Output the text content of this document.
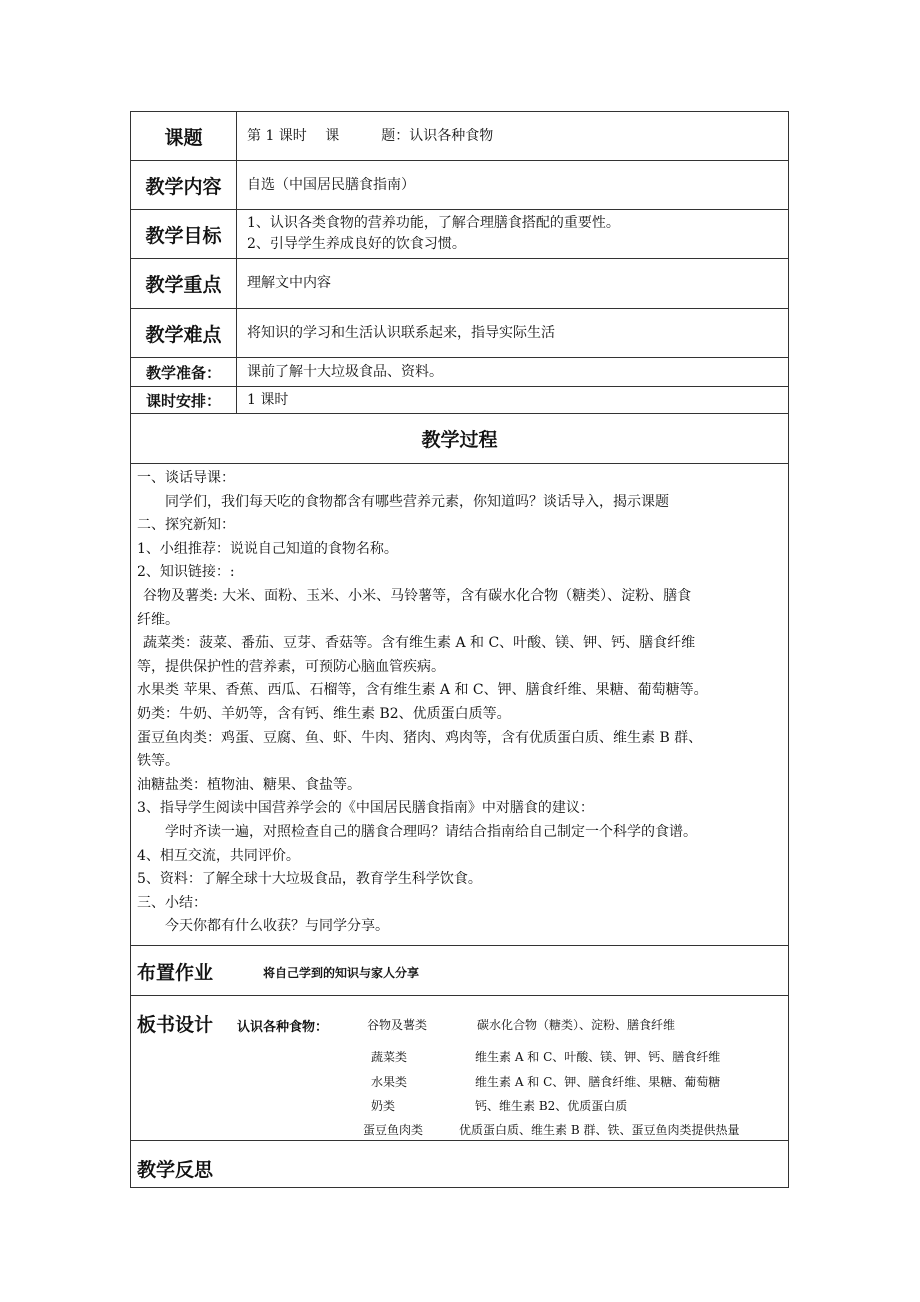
课题	第 1 课时　 课　　　题：认识各种食物
教学内容	自选（中国居民膳食指南）
教学目标
1、认识各类食物的营养功能，了解合理膳食搭配的重要性。
2、引导学生养成良好的饮食习惯。
教学重点	理解文中内容
教学难点	将知识的学习和生活认识联系起来，指导实际生活
教学准备：	课前了解十大垃圾食品、资料。
课时安排：	1 课时
教学过程

一、谈话导课：

同学们，我们每天吃的食物都含有哪些营养元素，你知道吗？谈话导入，揭示课题

二、探究新知：

1、小组推荐：说说自己知道的食物名称。

2、知识链接：:

谷物及薯类: 大米、面粉、玉米、小米、马铃薯等，含有碳水化合物（糖类）、淀粉、膳食

纤维。

蔬菜类：菠菜、番茄、豆芽、香菇等。含有维生素 A 和 C、叶酸、镁、钾、钙、膳食纤维

等，提供保护性的营养素，可预防心脑血管疾病。

水果类 苹果、香蕉、西瓜、石榴等，含有维生素 A 和 C、钾、膳食纤维、果糖、葡萄糖等。

奶类：牛奶、羊奶等，含有钙、维生素 B2、优质蛋白质等。

蛋豆鱼肉类：鸡蛋、豆腐、鱼、虾、牛肉、猪肉、鸡肉等，含有优质蛋白质、维生素 B 群、

铁等。

油糖盐类：植物油、糖果、食盐等。

3、指导学生阅读中国营养学会的《中国居民膳食指南》中对膳食的建议：

学时齐读一遍，对照检查自己的膳食合理吗？请结合指南给自己制定一个科学的食谱。

4、相互交流，共同评价。

5、资料：了解全球十大垃圾食品，教育学生科学饮食。

三、小结：

今天你都有什么收获？与同学分享。

布置作业	将自己学到的知识与家人分享
板书设计 认识各种食物：	谷物及薯类	碳水化合物（糖类）、淀粉、膳食纤维
蔬菜类	维生素 A 和 C、叶酸、镁、钾、钙、膳食纤维
水果类	维生素 A 和 C、钾、膳食纤维、果糖、葡萄糖
奶类	钙、维生素 B2、优质蛋白质
蛋豆鱼肉类	优质蛋白质、维生素 B 群、铁、蛋豆鱼肉类提供热量
教学反思
